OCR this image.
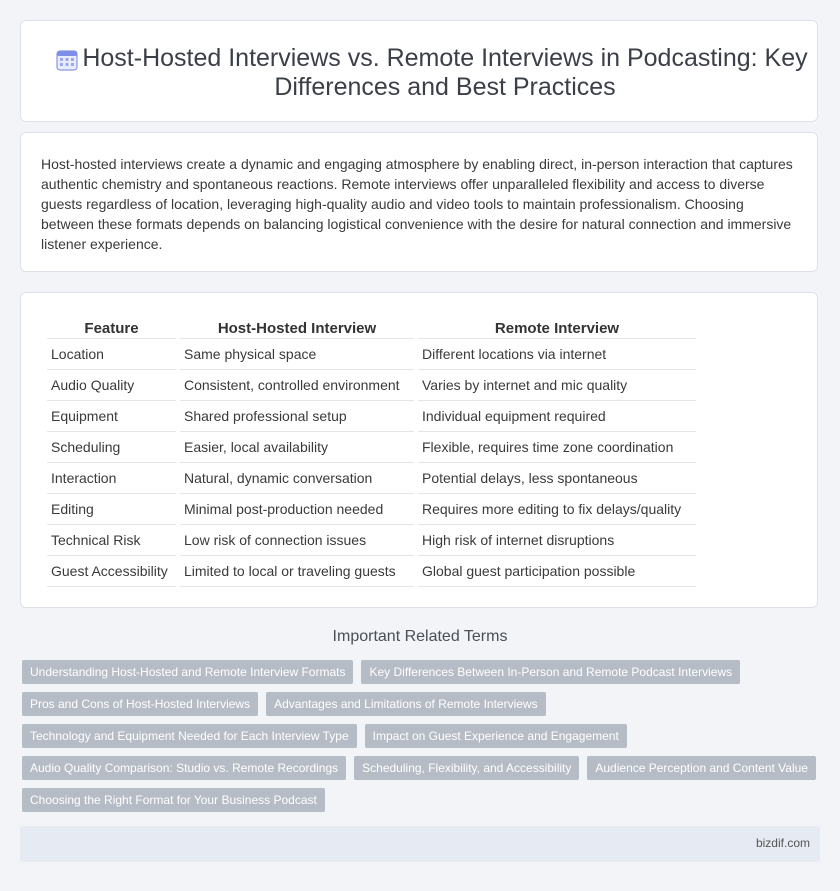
Host-Hosted Interviews vs. Remote Interviews in Podcasting: Key Differences and Best Practices

Host-hosted interviews create a dynamic and engaging atmosphere by enabling direct, in-person interaction that captures authentic chemistry and spontaneous reactions. Remote interviews offer unparalleled flexibility and access to diverse guests regardless of location, leveraging high-quality audio and video tools to maintain professionalism. Choosing between these formats depends on balancing logistical convenience with the desire for natural connection and immersive listener experience.

Feature	Host-Hosted Interview	Remote Interview
Location	Same physical space	Different locations via internet
Audio Quality	Consistent, controlled environment	Varies by internet and mic quality
Equipment	Shared professional setup	Individual equipment required
Scheduling	Easier, local availability	Flexible, requires time zone coordination
Interaction	Natural, dynamic conversation	Potential delays, less spontaneous
Editing	Minimal post-production needed	Requires more editing to fix delays/quality
Technical Risk	Low risk of connection issues	High risk of internet disruptions
Guest Accessibility	Limited to local or traveling guests	Global guest participation possible
Important Related Terms
Understanding Host-Hosted and Remote Interview Formats	Key Differences Between In-Person and Remote Podcast Interviews
Pros and Cons of Host-Hosted Interviews	Advantages and Limitations of Remote Interviews
Technology and Equipment Needed for Each Interview Type	Impact on Guest Experience and Engagement
Audio Quality Comparison: Studio vs. Remote Recordings	Scheduling, Flexibility, and Accessibility	Audience Perception and Content Value
Choosing the Right Format for Your Business Podcast
bizdif.com
